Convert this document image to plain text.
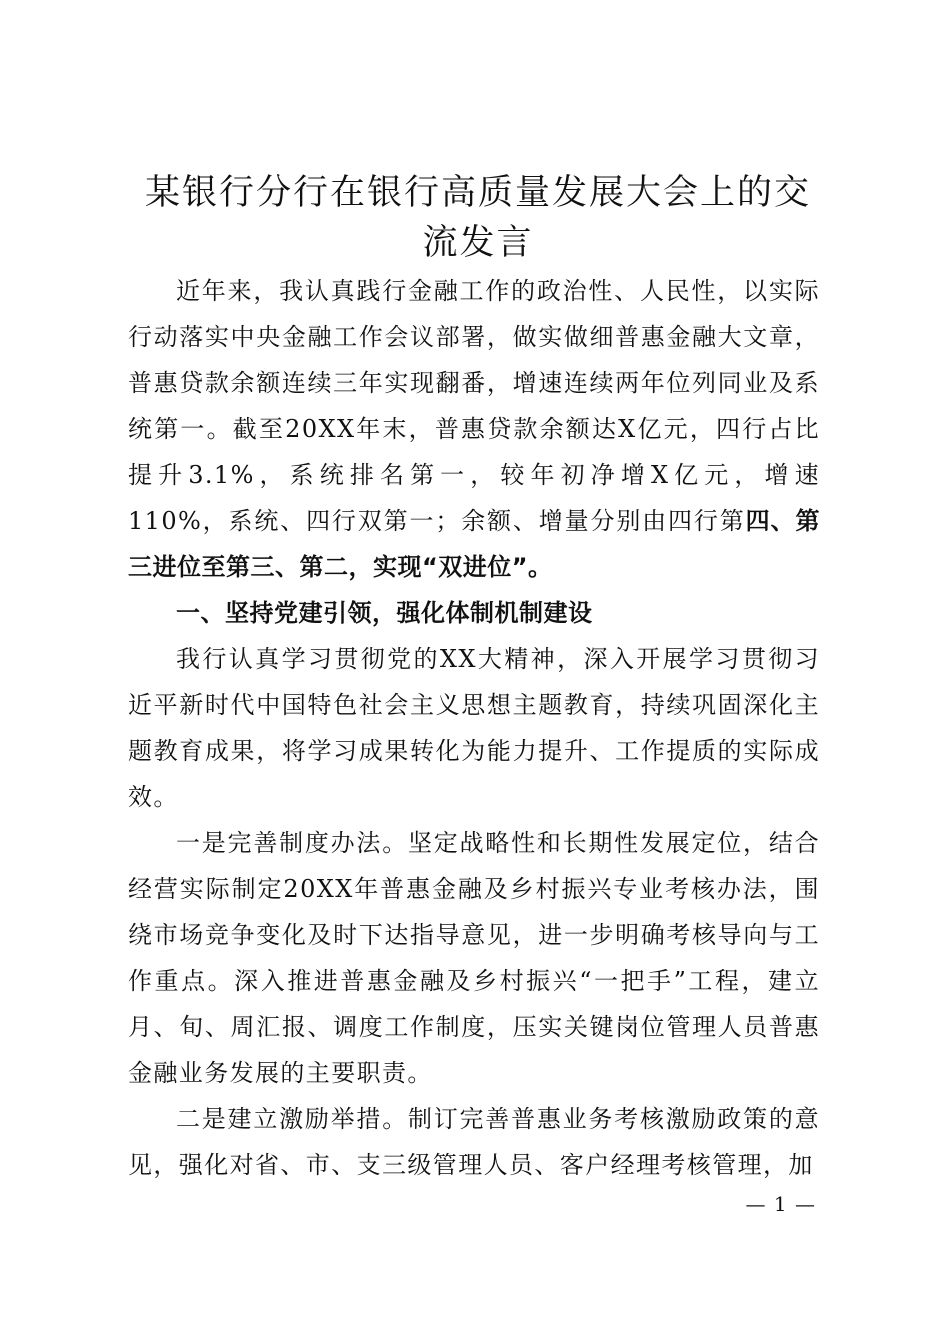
某银行分行在银行高质量发展大会上的交流发言

近年来，我认真践行金融工作的政治性、人民性，以实际行动落实中央金融工作会议部署，做实做细普惠金融大文章，普惠贷款余额连续三年实现翻番，增速连续两年位列同业及系统第一。截至20XX年末，普惠贷款余额达X亿元，四行占比提升3.1%，系统排名第一，较年初净增X亿元，增速110%，系统、四行双第一；余额、增量分别由四行第四、第三进位至第三、第二，实现“双进位”。

一、坚持党建引领，强化体制机制建设

我行认真学习贯彻党的XX大精神，深入开展学习贯彻习近平新时代中国特色社会主义思想主题教育，持续巩固深化主题教育成果，将学习成果转化为能力提升、工作提质的实际成效。

一是完善制度办法。坚定战略性和长期性发展定位，结合经营实际制定20XX年普惠金融及乡村振兴专业考核办法，围绕市场竞争变化及时下达指导意见，进一步明确考核导向与工作重点。深入推进普惠金融及乡村振兴“一把手”工程，建立月、旬、周汇报、调度工作制度，压实关键岗位管理人员普惠金融业务发展的主要职责。

二是建立激励举措。制订完善普惠业务考核激励政策的意见，强化对省、市、支三级管理人员、客户经理考核管理，加

— 1 —
